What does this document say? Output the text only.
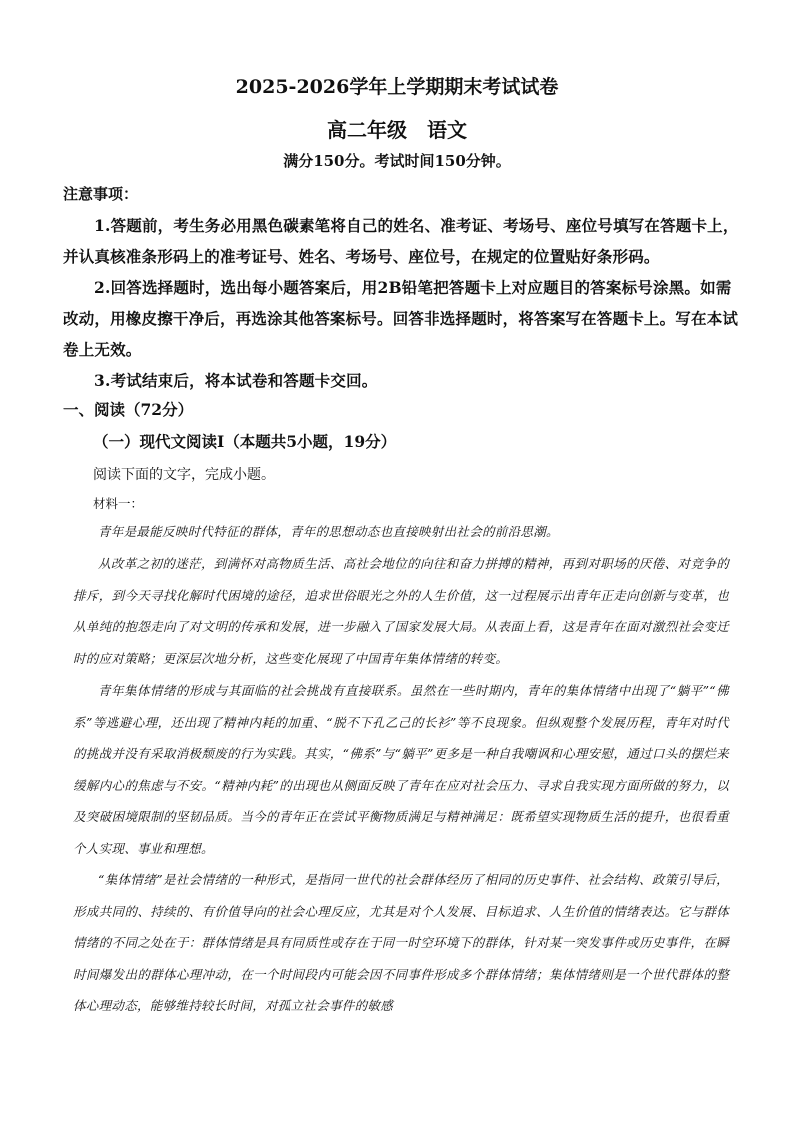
2025-2026学年上学期期末考试试卷
高二年级　语文

满分150分。考试时间150分钟。

注意事项：

1.答题前，考生务必用黑色碳素笔将自己的姓名、准考证、考场号、座位号填写在答题卡上，并认真核准条形码上的准考证号、姓名、考场号、座位号，在规定的位置贴好条形码。

2.回答选择题时，选出每小题答案后，用2B铅笔把答题卡上对应题目的答案标号涂黑。如需改动，用橡皮擦干净后，再选涂其他答案标号。回答非选择题时，将答案写在答题卡上。写在本试卷上无效。

3.考试结束后，将本试卷和答题卡交回。

一、阅读（72分）

（一）现代文阅读Ⅰ（本题共5小题，19分）

阅读下面的文字，完成小题。

材料一：

青年是最能反映时代特征的群体，青年的思想动态也直接映射出社会的前沿思潮。

从改革之初的迷茫，到满怀对高物质生活、高社会地位的向往和奋力拼搏的精神，再到对职场的厌倦、对竞争的排斥，到今天寻找化解时代困境的途径，追求世俗眼光之外的人生价值，这一过程展示出青年正走向创新与变革，也从单纯的抱怨走向了对文明的传承和发展，进一步融入了国家发展大局。从表面上看，这是青年在面对激烈社会变迁时的应对策略；更深层次地分析，这些变化展现了中国青年集体情绪的转变。

青年集体情绪的形成与其面临的社会挑战有直接联系。虽然在一些时期内，青年的集体情绪中出现了“躺平”“佛系”等逃避心理，还出现了精神内耗的加重、“脱不下孔乙己的长衫”等不良现象。但纵观整个发展历程，青年对时代的挑战并没有采取消极颓废的行为实践。其实，“佛系”与“躺平”更多是一种自我嘲讽和心理安慰，通过口头的摆烂来缓解内心的焦虑与不安。“精神内耗”的出现也从侧面反映了青年在应对社会压力、寻求自我实现方面所做的努力，以及突破困境限制的坚韧品质。当今的青年正在尝试平衡物质满足与精神满足：既希望实现物质生活的提升，也很看重个人实现、事业和理想。

“集体情绪”是社会情绪的一种形式，是指同一世代的社会群体经历了相同的历史事件、社会结构、政策引导后，形成共同的、持续的、有价值导向的社会心理反应，尤其是对个人发展、目标追求、人生价值的情绪表达。它与群体情绪的不同之处在于：群体情绪是具有同质性或存在于同一时空环境下的群体，针对某一突发事件或历史事件，在瞬时间爆发出的群体心理冲动，在一个时间段内可能会因不同事件形成多个群体情绪；集体情绪则是一个世代群体的整体心理动态，能够维持较长时间，对孤立社会事件的敏感
